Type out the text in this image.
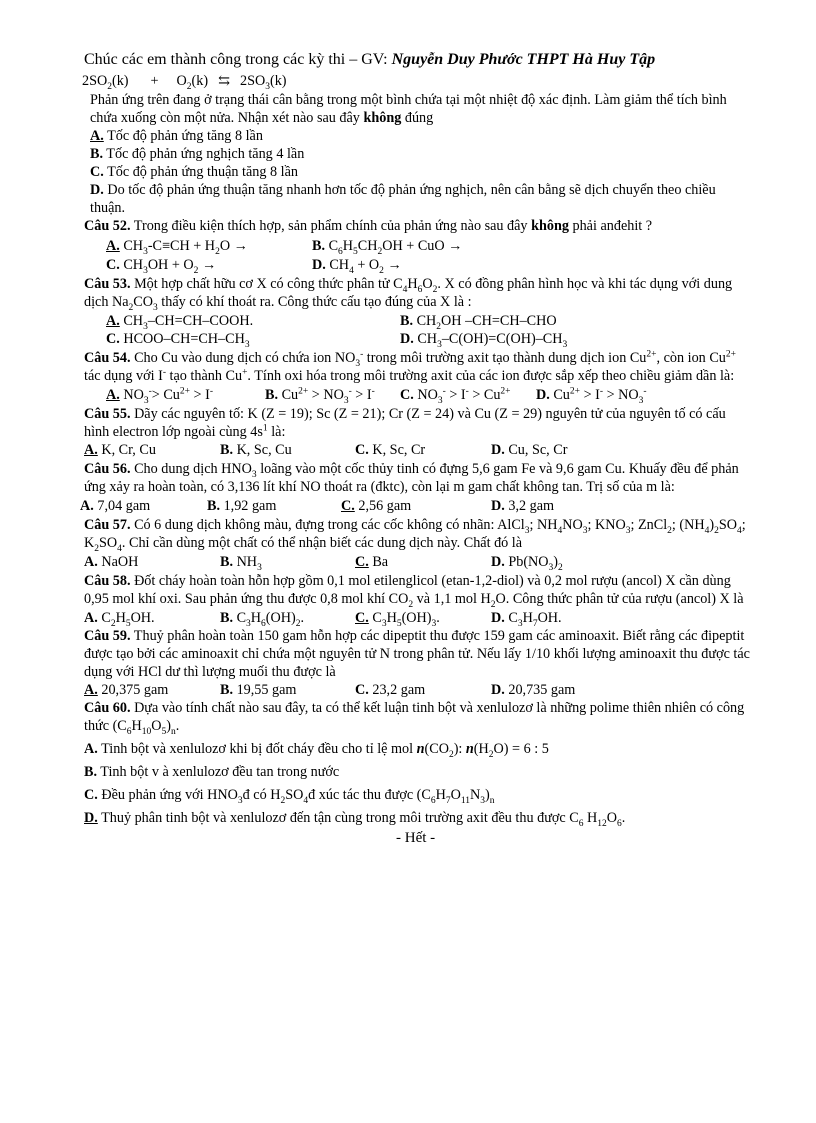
Chúc các em thành công trong các kỳ thi – GV: Nguyễn Duy Phước THPT Hà Huy Tập
$2SO_2(k) + O_2(k)$ ⇆ $2SO_3(k)$
Phản ứng trên đang ở trạng thái cân bằng trong một bình chứa tại một nhiệt độ xác định. Làm giảm thể tích bình
chứa xuống còn một nửa. Nhận xét nào sau đây không đúng
A. Tốc độ phản ứng tăng 8 lần
B. Tốc độ phản ứng nghịch tăng 4 lần
C. Tốc độ phản ứng thuận tăng 8 lần
D. Do tốc độ phản ứng thuận tăng nhanh hơn tốc độ phản ứng nghịch, nên cân bằng sẽ dịch chuyển theo chiều
thuận.
Câu 52. Trong điều kiện thích hợp, sản phẩm chính của phản ứng nào sau đây không phải anđehit ?
A. $CH_3-C\equiv CH + H_2O$ →	B. $C_6H_5CH_2OH$ + CuO →
C. $CH_3OH + O_2$ →	D. $CH_4 + O_2$ →
Câu 53. Một hợp chất hữu cơ X có công thức phân tử $C_4H_6O_2$. X có đồng phân hình học và khi tác dụng với dung
dịch $Na_2CO_3$ thấy có khí thoát ra. Công thức cấu tạo đúng của X là :
A. $CH_3-CH=CH$–COOH.	B. $CH_2OH$ –CH=CH–CHO
C. HCOO–$CH=CH-CH_3$	D. $CH_3-C(OH)=C(OH)-CH_3$
Câu 54. Cho Cu vào dung dịch có chứa ion $NO_3^-$ trong môi trường axit tạo thành dung dịch ion $Cu^{2+}$, còn ion $Cu^{2+}$
tác dụng với I- tạo thành Cu+. Tính oxi hóa trong môi trường axit của các ion được sắp xếp theo chiều giảm dần là:
A. $NO_3^-> Cu^{2+} > I^-$	B. $Cu^{2+} > NO_3^- > I^-$ C. $NO_3^- > I^- > Cu^{2+}$ D. $Cu^{2+} > I^- > NO_3^-$
Câu 55. Dãy các nguyên tố: K (Z = 19); Sc (Z = 21); Cr (Z = 24) và Cu (Z = 29) nguyên tử của nguyên tố có cấu
hình electron lớp ngoài cùng $4s^1$ là:
A. K, Cr, Cu	B. K, Sc, Cu	C. K, Sc, Cr	D. Cu, Sc, Cr
Câu 56. Cho dung dịch $HNO_3$ loãng vào một cốc thủy tinh có đựng 5,6 gam Fe và 9,6 gam Cu. Khuấy đều để phản
ứng xảy ra hoàn toàn, có 3,136 lít khí NO thoát ra (đktc), còn lại m gam chất không tan. Trị số của m là:
A. 7,04 gam	B. 1,92 gam	C. 2,56 gam	D. 3,2 gam
Câu 57. Có 6 dung dịch không màu, đựng trong các cốc không có nhãn: AlCl$_3$; $NH_4NO_3$; $KNO_3$; ZnCl$_2$; $(NH_4)_2SO_4$;
$K_2SO_4$. Chỉ cần dùng một chất có thể nhận biết các dung dịch này. Chất đó là
A. NaOH	B. $NH_3$	C. Ba	D. $Pb(NO_3)_2$
Câu 58. Đốt cháy hoàn toàn hỗn hợp gồm 0,1 mol etilenglicol (etan-1,2-diol) và 0,2 mol rượu (ancol) X cần dùng
0,95 mol khí oxi. Sau phản ứng thu được 0,8 mol khí $CO_2$ và 1,1 mol $H_2O$. Công thức phân tử của rượu (ancol) X là
A. $C_2H_5OH$.	B. $C_3H_6(OH)_2$.	C. $C_3H_5(OH)_3$.	D. $C_3H_7OH$.
Câu 59. Thuỷ phân hoàn toàn 150 gam hỗn hợp các dipeptit thu được 159 gam các aminoaxit. Biết rằng các đipeptit
được tạo bởi các aminoaxit chỉ chứa một nguyên tử N trong phân tử. Nếu lấy 1/10 khối lượng aminoaxit thu được tác
dụng với HCl dư thì lượng muối thu được là
A. 20,375 gam	B. 19,55 gam	C. 23,2 gam	D. 20,735 gam
Câu 60. Dựa vào tính chất nào sau đây, ta có thể kết luận tinh bột và xenlulozơ là những polime thiên nhiên có công
thức $(C_6H_{10}O_5)_n$.
A. Tinh bột và xenlulozơ khi bị đốt cháy đều cho tỉ lệ mol $n(CO_2)$: $n(H_2O) = 6$ : 5
B. Tinh bột v à xenlulozơ đều tan trong nước
C. Đều phản ứng với $HNO_3đ$ có $H_2SO_4đ$ xúc tác thu được $(C_6H_7O_{11}N_3)_n$
D. Thuỷ phân tinh bột và xenlulozơ đến tận cùng trong môi trường axit đều thu được $C_6$ $H_{12}O_6$.
- Hết -
